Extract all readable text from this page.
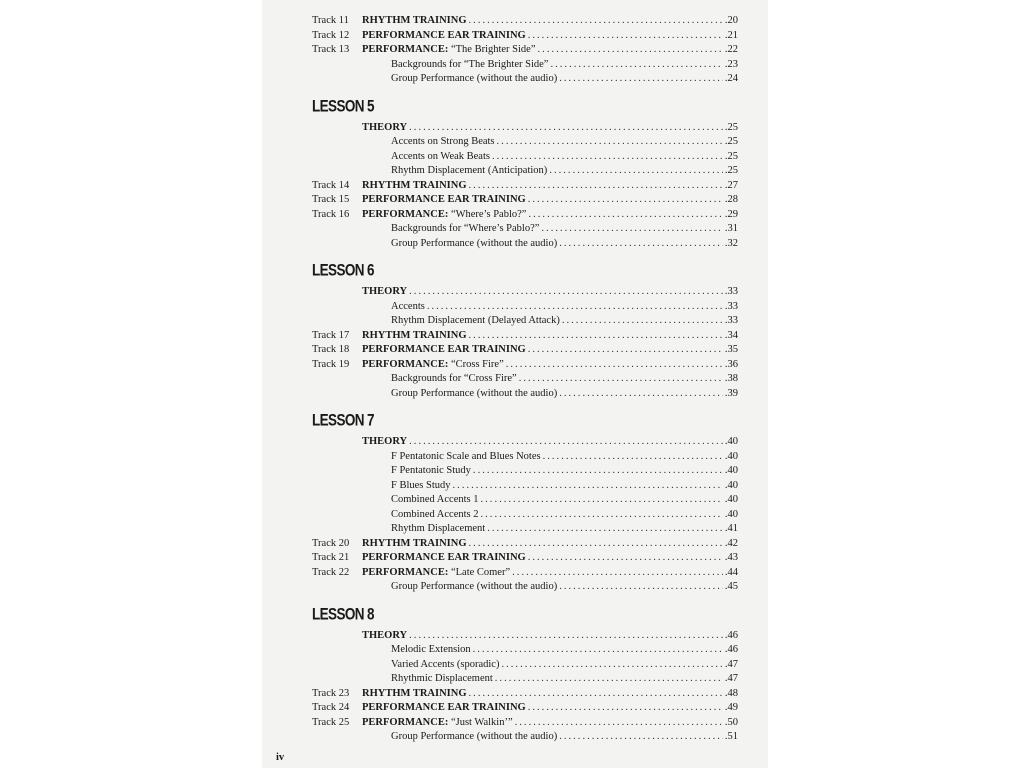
Track 11	RHYTHM TRAINING . . .	.20
Track 12	PERFORMANCE EAR TRAINING . . .	.21
Track 13	PERFORMANCE: “The Brighter Side” . . .	.22
Backgrounds for “The Brighter Side” . . .	.23
Group Performance (without the audio) . . .	.24
LESSON 5
THEORY . . .	.25
Accents on Strong Beats . . .	.25
Accents on Weak Beats . . .	.25
Rhythm Displacement (Anticipation) . . .	.25
Track 14	RHYTHM TRAINING . . .	.27
Track 15	PERFORMANCE EAR TRAINING . . .	.28
Track 16	PERFORMANCE: “Where’s Pablo?” . . .	.29
Backgrounds for “Where’s Pablo?” . . .	.31
Group Performance (without the audio) . . .	.32
LESSON 6
THEORY . . .	.33
Accents . . .	.33
Rhythm Displacement (Delayed Attack) . . .	.33
Track 17	RHYTHM TRAINING . . .	.34
Track 18	PERFORMANCE EAR TRAINING . . .	.35
Track 19	PERFORMANCE: “Cross Fire” . . .	.36
Backgrounds for “Cross Fire” . . .	.38
Group Performance (without the audio) . . .	.39
LESSON 7
THEORY . . .	.40
F Pentatonic Scale and Blues Notes . . .	.40
F Pentatonic Study . . .	.40
F Blues Study . . .	.40
Combined Accents 1 . . .	.40
Combined Accents 2 . . .	.40
Rhythm Displacement . . .	.41
Track 20	RHYTHM TRAINING . . .	.42
Track 21	PERFORMANCE EAR TRAINING . . .	.43
Track 22	PERFORMANCE: “Late Comer” . . .	.44
Group Performance (without the audio) . . .	.45
LESSON 8
THEORY . . .	.46
Melodic Extension . . .	.46
Varied Accents (sporadic) . . .	.47
Rhythmic Displacement . . .	.47
Track 23	RHYTHM TRAINING . . .	.48
Track 24	PERFORMANCE EAR TRAINING . . .	.49
Track 25	PERFORMANCE: “Just Walkin’” . . .	.50
Group Performance (without the audio) . . .	.51
iv
